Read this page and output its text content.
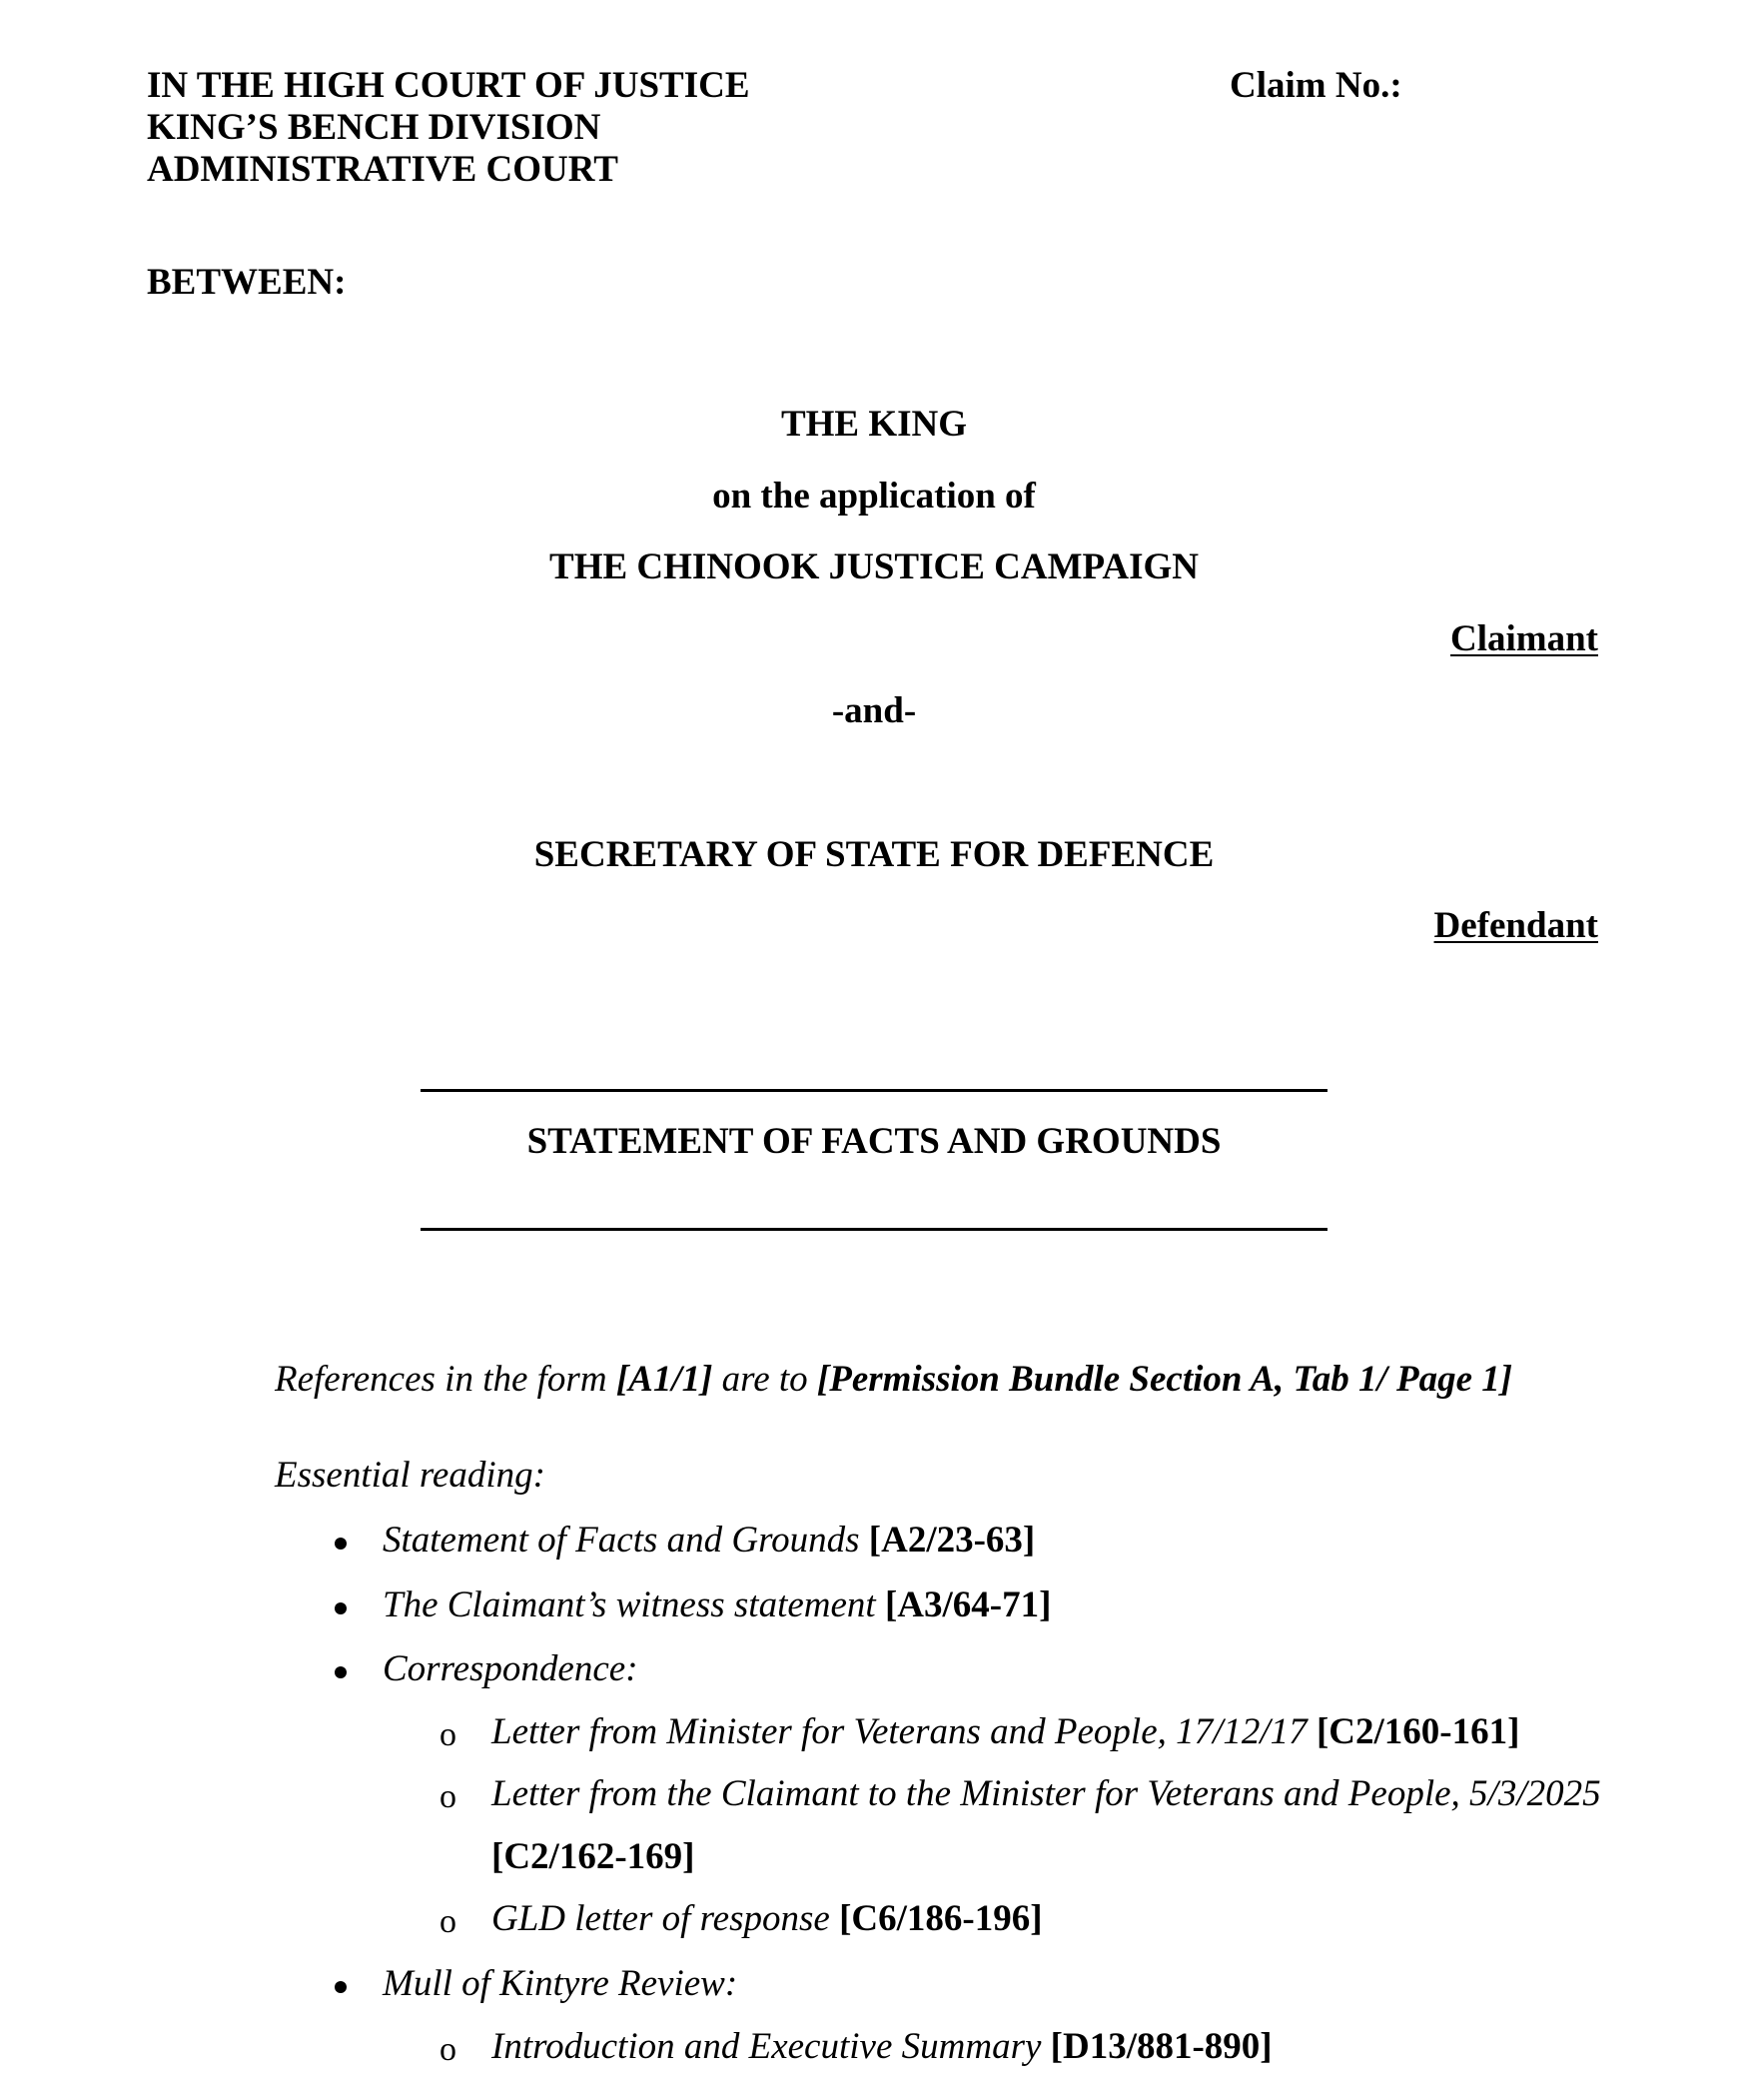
IN THE HIGH COURT OF JUSTICE
KING’S BENCH DIVISION
ADMINISTRATIVE COURT
Claim No.:
BETWEEN:
THE KING
on the application of
THE CHINOOK JUSTICE CAMPAIGN
Claimant
-and-
SECRETARY OF STATE FOR DEFENCE
Defendant
STATEMENT OF FACTS AND GROUNDS
References in the form [A1/1] are to [Permission Bundle Section A, Tab 1/ Page 1]
Essential reading:
Statement of Facts and Grounds [A2/23-63]
The Claimant’s witness statement [A3/64-71]
Correspondence:
o Letter from Minister for Veterans and People, 17/12/17 [C2/160-161]
o Letter from the Claimant to the Minister for Veterans and People, 5/3/2025
[C2/162-169]
o GLD letter of response [C6/186-196]
Mull of Kintyre Review:
o Introduction and Executive Summary [D13/881-890]
